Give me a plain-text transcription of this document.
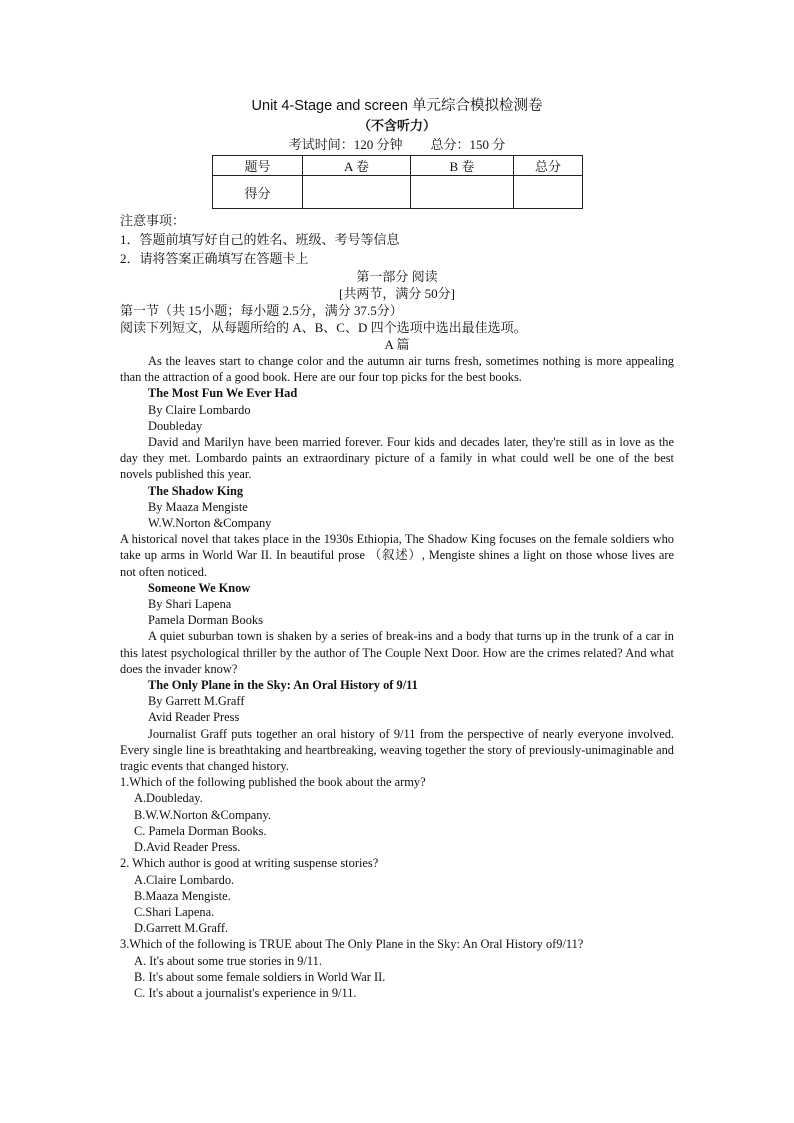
Unit 4-Stage and screen 单元综合模拟检测卷
（不含听力）
考试时间：120 分钟 总分：150 分
题号	A 卷	B 卷	总分
得分			
注意事项：
1．答题前填写好自己的姓名、班级、考号等信息
2．请将答案正确填写在答题卡上
第一部分 阅读
[共两节，满分 50分]
第一节（共 15小题；每小题 2.5分，满分 37.5分）
阅读下列短文，从每题所给的 A、B、C、D 四个选项中选出最佳选项。
A 篇

As the leaves start to change color and the autumn air turns fresh, sometimes nothing is more appealing than the attraction of a good book. Here are our four top picks for the best books.

The Most Fun We Ever Had
By Claire Lombardo
Doubleday

David and Marilyn have been married forever. Four kids and decades later, they're still as in love as the day they met. Lombardo paints an extraordinary picture of a family in what could well be one of the best novels published this year.

The Shadow King
By Maaza Mengiste
W.W.Norton &Company

A historical novel that takes place in the 1930s Ethiopia, The Shadow King focuses on the female soldiers who take up arms in World War II. In beautiful prose （叙述）, Mengiste shines a light on those whose lives are not often noticed.

Someone We Know
By Shari Lapena
Pamela Dorman Books

A quiet suburban town is shaken by a series of break-ins and a body that turns up in the trunk of a car in this latest psychological thriller by the author of The Couple Next Door. How are the crimes related? And what does the invader know?

The Only Plane in the Sky: An Oral History of 9/11
By Garrett M.Graff
Avid Reader Press

Journalist Graff puts together an oral history of 9/11 from the perspective of nearly everyone involved. Every single line is breathtaking and heartbreaking, weaving together the story of previously-unimaginable and tragic events that changed history.

1.Which of the following published the book about the army?
A.Doubleday.
B.W.W.Norton &Company.
C. Pamela Dorman Books.
D.Avid Reader Press.
2. Which author is good at writing suspense stories?
A.Claire Lombardo.
B.Maaza Mengiste.
C.Shari Lapena.
D.Garrett M.Graff.
3.Which of the following is TRUE about The Only Plane in the Sky: An Oral History of9/11?
A. It's about some true stories in 9/11.
B. It's about some female soldiers in World War II.
C. It's about a journalist's experience in 9/11.
